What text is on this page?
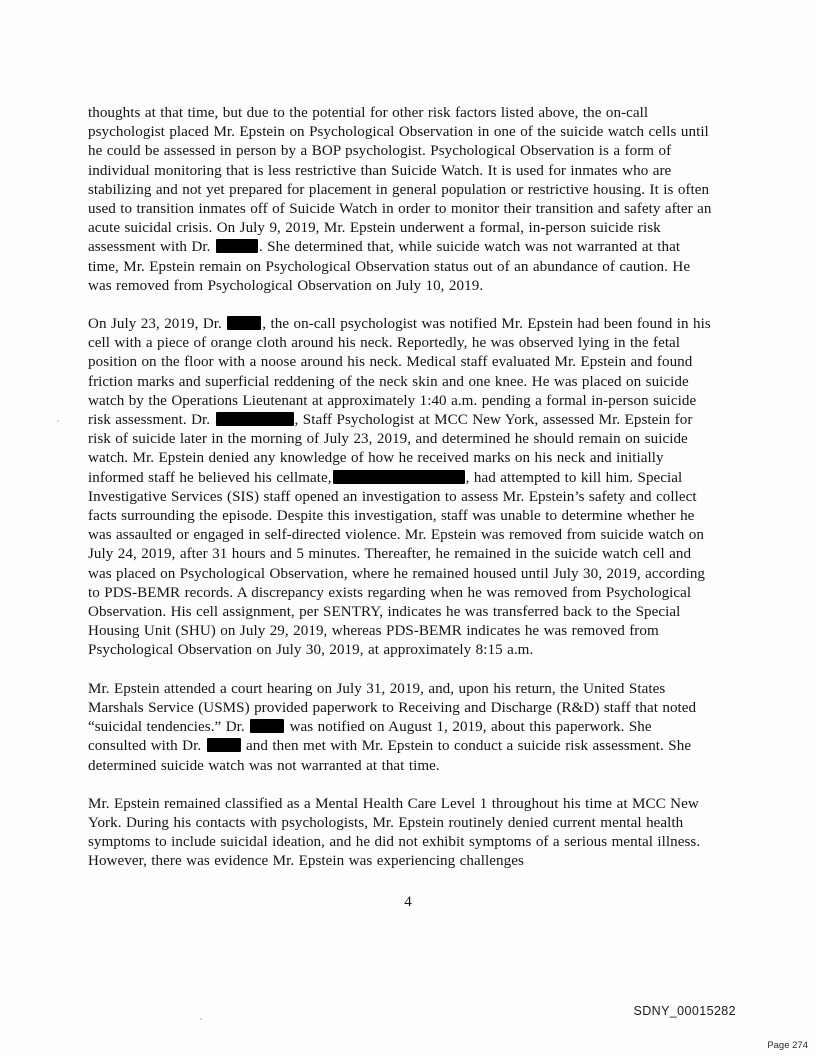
thoughts at that time, but due to the potential for other risk factors listed above, the on-call psychologist placed Mr. Epstein on Psychological Observation in one of the suicide watch cells until he could be assessed in person by a BOP psychologist. Psychological Observation is a form of individual monitoring that is less restrictive than Suicide Watch. It is used for inmates who are stabilizing and not yet prepared for placement in general population or restrictive housing. It is often used to transition inmates off of Suicide Watch in order to monitor their transition and safety after an acute suicidal crisis. On July 9, 2019, Mr. Epstein underwent a formal, in-person suicide risk assessment with Dr.	. She determined that, while suicide watch was not warranted at that time, Mr. Epstein remain on Psychological Observation status out of an abundance of caution. He was removed from Psychological Observation on July 10, 2019.

On July 23, 2019, Dr. , the on-call psychologist was notified Mr. Epstein had been found in his cell with a piece of orange cloth around his neck. Reportedly, he was observed lying in the fetal position on the floor with a noose around his neck. Medical staff evaluated Mr. Epstein and found friction marks and superficial reddening of the neck skin and one knee. He was placed on suicide watch by the Operations Lieutenant at approximately 1:40 a.m. pending a formal in-person suicide risk assessment. Dr.	, Staff Psychologist at MCC New York, assessed Mr. Epstein for risk of suicide later in the morning of July 23, 2019, and determined he should remain on suicide watch. Mr. Epstein denied any knowledge of how he received marks on his neck and initially informed staff he believed his cellmate,	, had attempted to kill him. Special Investigative Services (SIS) staff opened an investigation to assess Mr. Epstein’s safety and collect facts surrounding the episode. Despite this investigation, staff was unable to determine whether he was assaulted or engaged in self-directed violence. Mr. Epstein was removed from suicide watch on July 24, 2019, after 31 hours and 5 minutes. Thereafter, he remained in the suicide watch cell and was placed on Psychological Observation, where he remained housed until July 30, 2019, according to PDS-BEMR records. A discrepancy exists regarding when he was removed from Psychological Observation. His cell assignment, per SENTRY, indicates he was transferred back to the Special Housing Unit (SHU) on July 29, 2019, whereas PDS-BEMR indicates he was removed from Psychological Observation on July 30, 2019, at approximately 8:15 a.m.

Mr. Epstein attended a court hearing on July 31, 2019, and, upon his return, the United States Marshals Service (USMS) provided paperwork to Receiving and Discharge (R&D) staff that noted “suicidal tendencies.” Dr.  was notified on August 1, 2019, about this paperwork. She consulted with Dr.  and then met with Mr. Epstein to conduct a suicide risk assessment. She determined suicide watch was not warranted at that time.

Mr. Epstein remained classified as a Mental Health Care Level 1 throughout his time at MCC New York. During his contacts with psychologists, Mr. Epstein routinely denied current mental health symptoms to include suicidal ideation, and he did not exhibit symptoms of a serious mental illness. However, there was evidence Mr. Epstein was experiencing challenges

4
SDNY_00015282
Page 274
